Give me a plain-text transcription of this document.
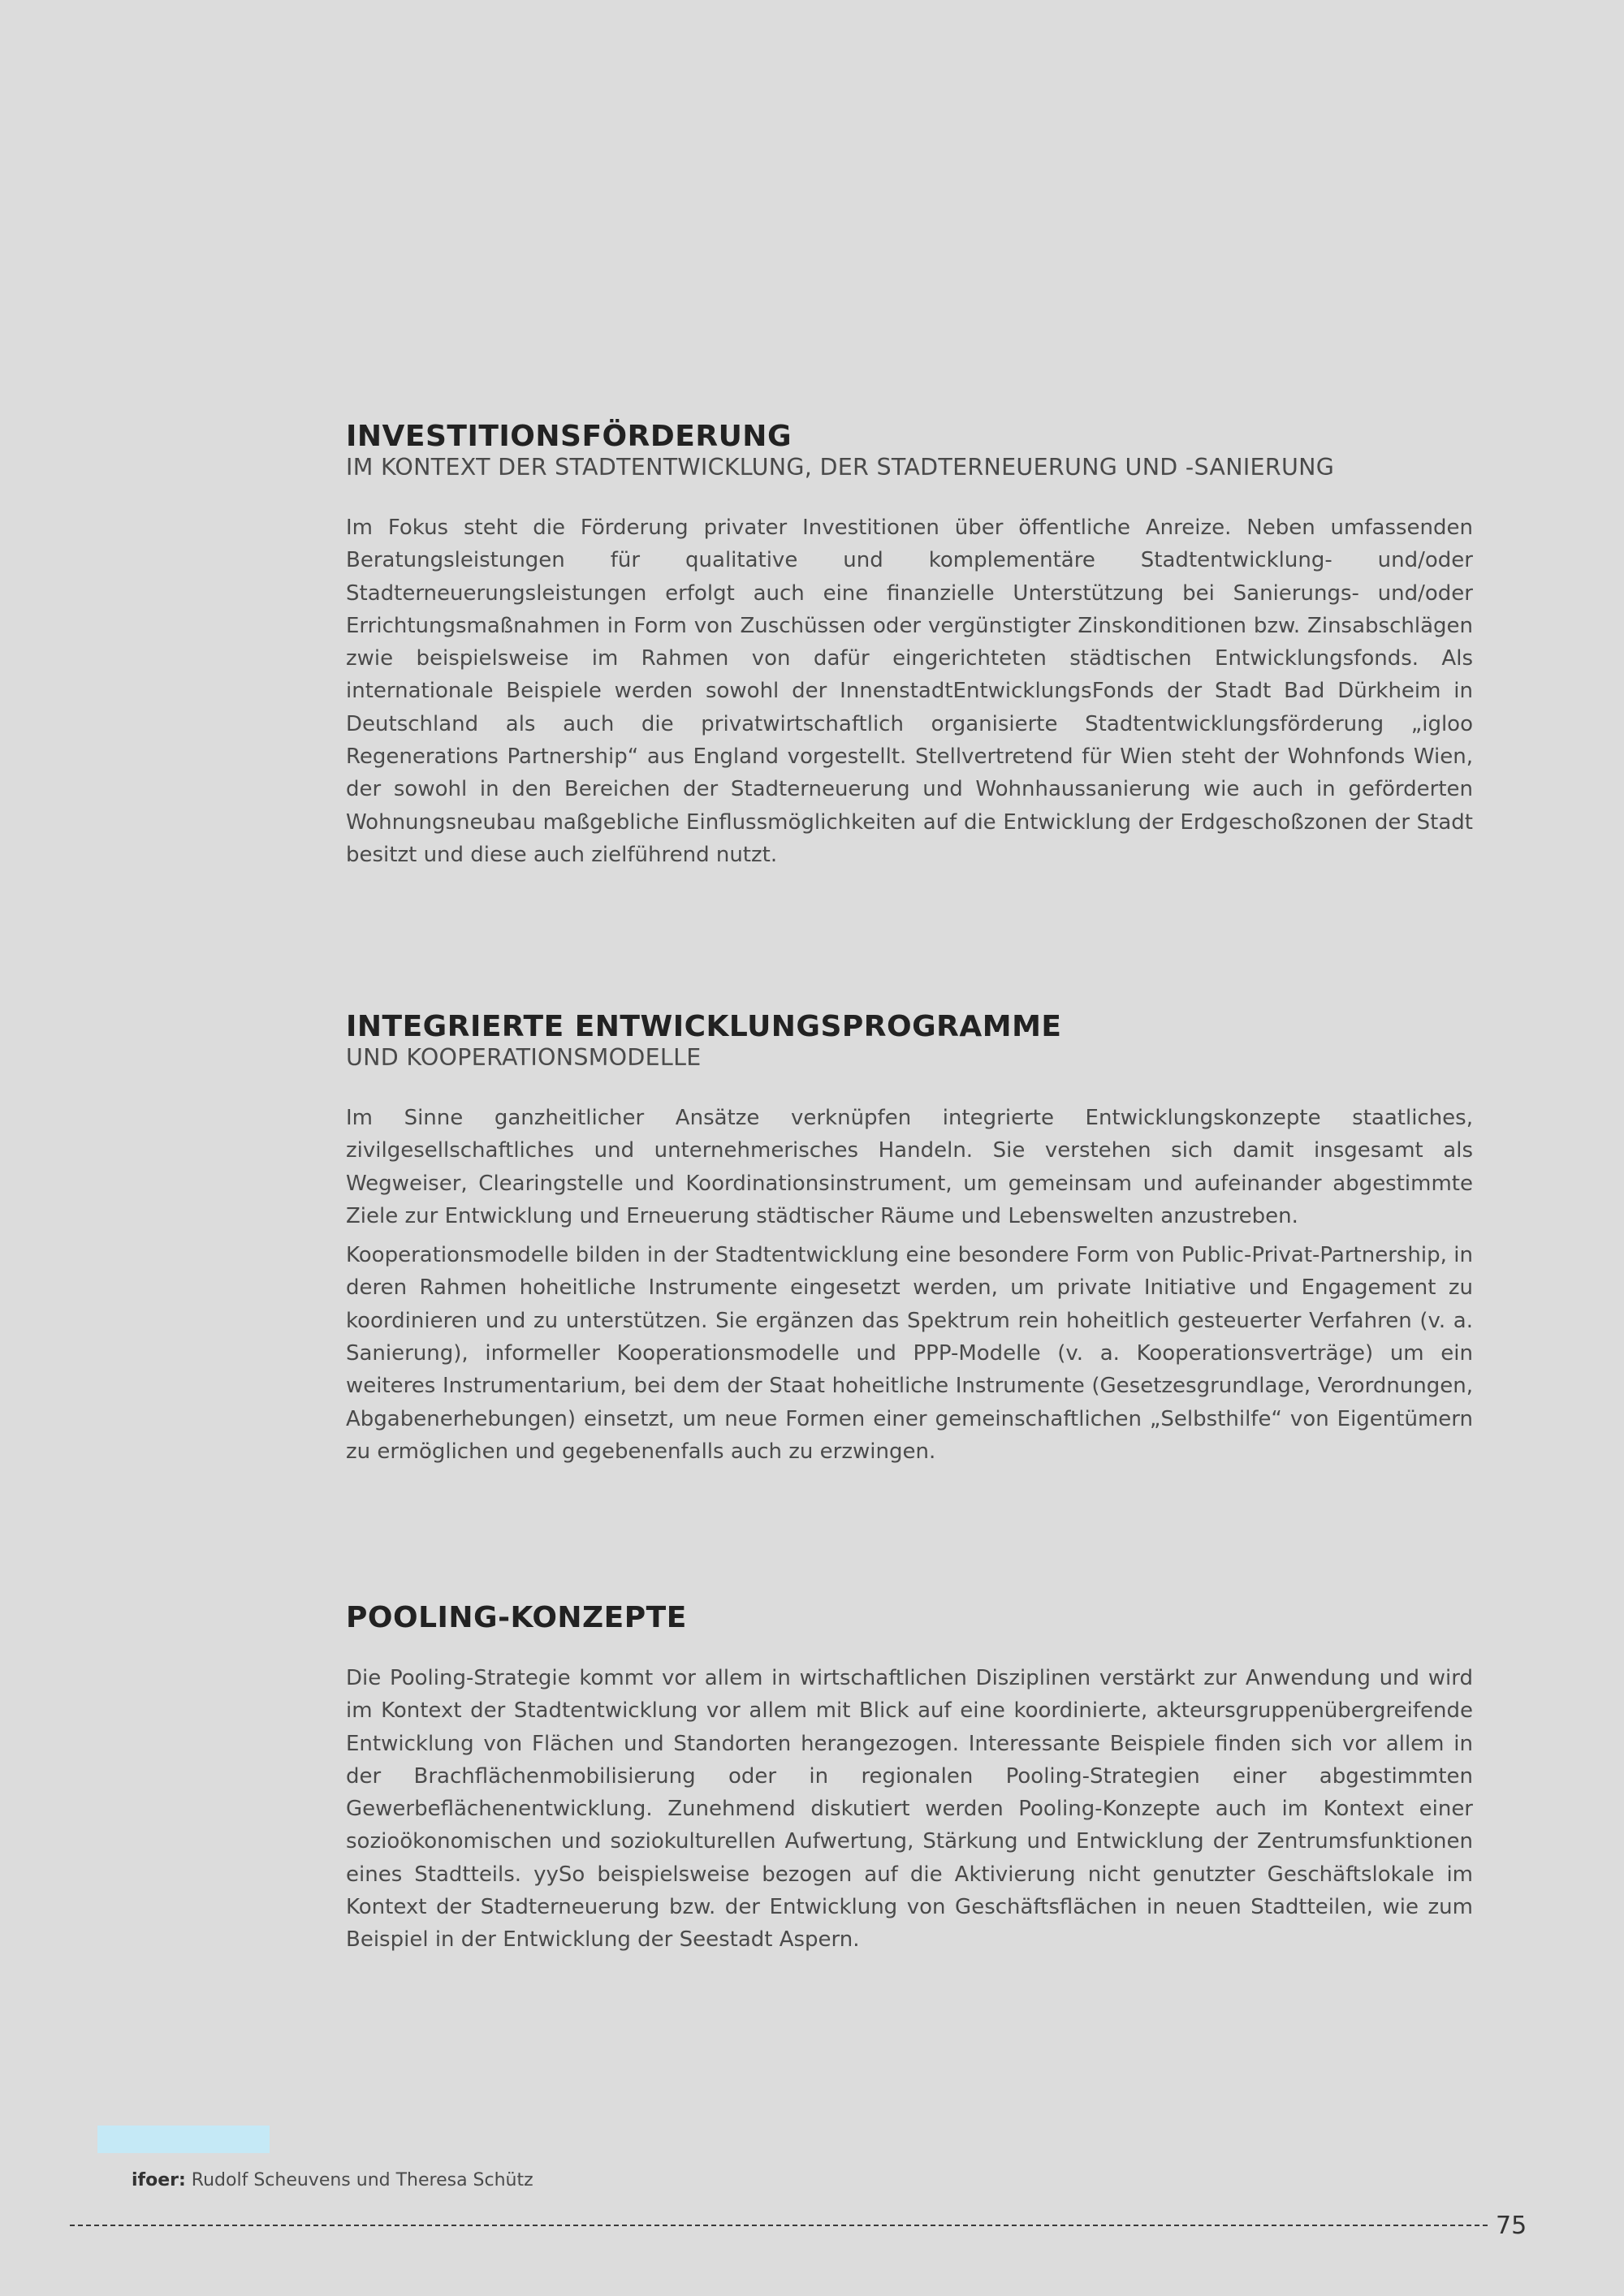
INVESTITIONSFÖRDERUNG
IM KONTEXT DER STADTENTWICKLUNG, DER STADTERNEUERUNG UND -SANIERUNG

Im Fokus steht die Förderung privater Investitionen über öffentliche Anreize. Neben umfassenden Beratungsleistungen für qualitative und komplementäre Stadtentwicklung- und/oder Stadterneuerungsleistungen erfolgt auch eine finanzielle Unterstützung bei Sanierungs- und/oder Errichtungsmaßnahmen in Form von Zuschüssen oder vergünstigter Zinskonditionen bzw. Zinsabschlägen zwie beispielsweise im Rahmen von dafür eingerichteten städtischen Entwicklungsfonds. Als internationale Beispiele werden sowohl der InnenstadtEntwicklungsFonds der Stadt Bad Dürkheim in Deutschland als auch die privatwirtschaftlich organisierte Stadtentwicklungsförderung „igloo Regenerations Partnership“ aus England vorgestellt. Stellvertretend für Wien steht der Wohnfonds Wien, der sowohl in den Bereichen der Stadterneuerung und Wohnhaussanierung wie auch in geförderten Wohnungsneubau maßgebliche Einflussmöglichkeiten auf die Entwicklung der Erdgeschoßzonen der Stadt besitzt und diese auch zielführend nutzt.

INTEGRIERTE ENTWICKLUNGSPROGRAMME
UND KOOPERATIONSMODELLE

Im Sinne ganzheitlicher Ansätze verknüpfen integrierte Entwicklungskonzepte staatliches, zivilgesellschaftliches und unternehmerisches Handeln. Sie verstehen sich damit insgesamt als Wegweiser, Clearingstelle und Koordinationsinstrument, um gemeinsam und aufeinander abgestimmte Ziele zur Entwicklung und Erneuerung städtischer Räume und Lebenswelten anzustreben.

Kooperationsmodelle bilden in der Stadtentwicklung eine besondere Form von Public-Privat-Partnership, in deren Rahmen hoheitliche Instrumente eingesetzt werden, um private Initiative und Engagement zu koordinieren und zu unterstützen. Sie ergänzen das Spektrum rein hoheitlich gesteuerter Verfahren (v. a. Sanierung), informeller Kooperationsmodelle und PPP-Modelle (v. a. Kooperationsverträge) um ein weiteres Instrumentarium, bei dem der Staat hoheitliche Instrumente (Gesetzesgrundlage, Verordnungen, Abgabenerhebungen) einsetzt, um neue Formen einer gemeinschaftlichen „Selbsthilfe“ von Eigentümern zu ermöglichen und gegebenenfalls auch zu erzwingen.

POOLING-KONZEPTE

Die Pooling-Strategie kommt vor allem in wirtschaftlichen Disziplinen verstärkt zur Anwendung und wird im Kontext der Stadtentwicklung vor allem mit Blick auf eine koordinierte, akteursgruppenübergreifende Entwicklung von Flächen und Standorten herangezogen. Interessante Beispiele finden sich vor allem in der Brachflächenmobilisierung oder in regionalen Pooling-Strategien einer abgestimmten Gewerbeflächenentwicklung. Zunehmend diskutiert werden Pooling-Konzepte auch im Kontext einer sozioökonomischen und soziokulturellen Aufwertung, Stärkung und Entwicklung der Zentrumsfunktionen eines Stadtteils. yySo beispielsweise bezogen auf die Aktivierung nicht genutzter Geschäftslokale im Kontext der Stadterneuerung bzw. der Entwicklung von Geschäftsflächen in neuen Stadtteilen, wie zum Beispiel in der Entwicklung der Seestadt Aspern.

ifoer: Rudolf Scheuvens und Theresa Schütz
75
